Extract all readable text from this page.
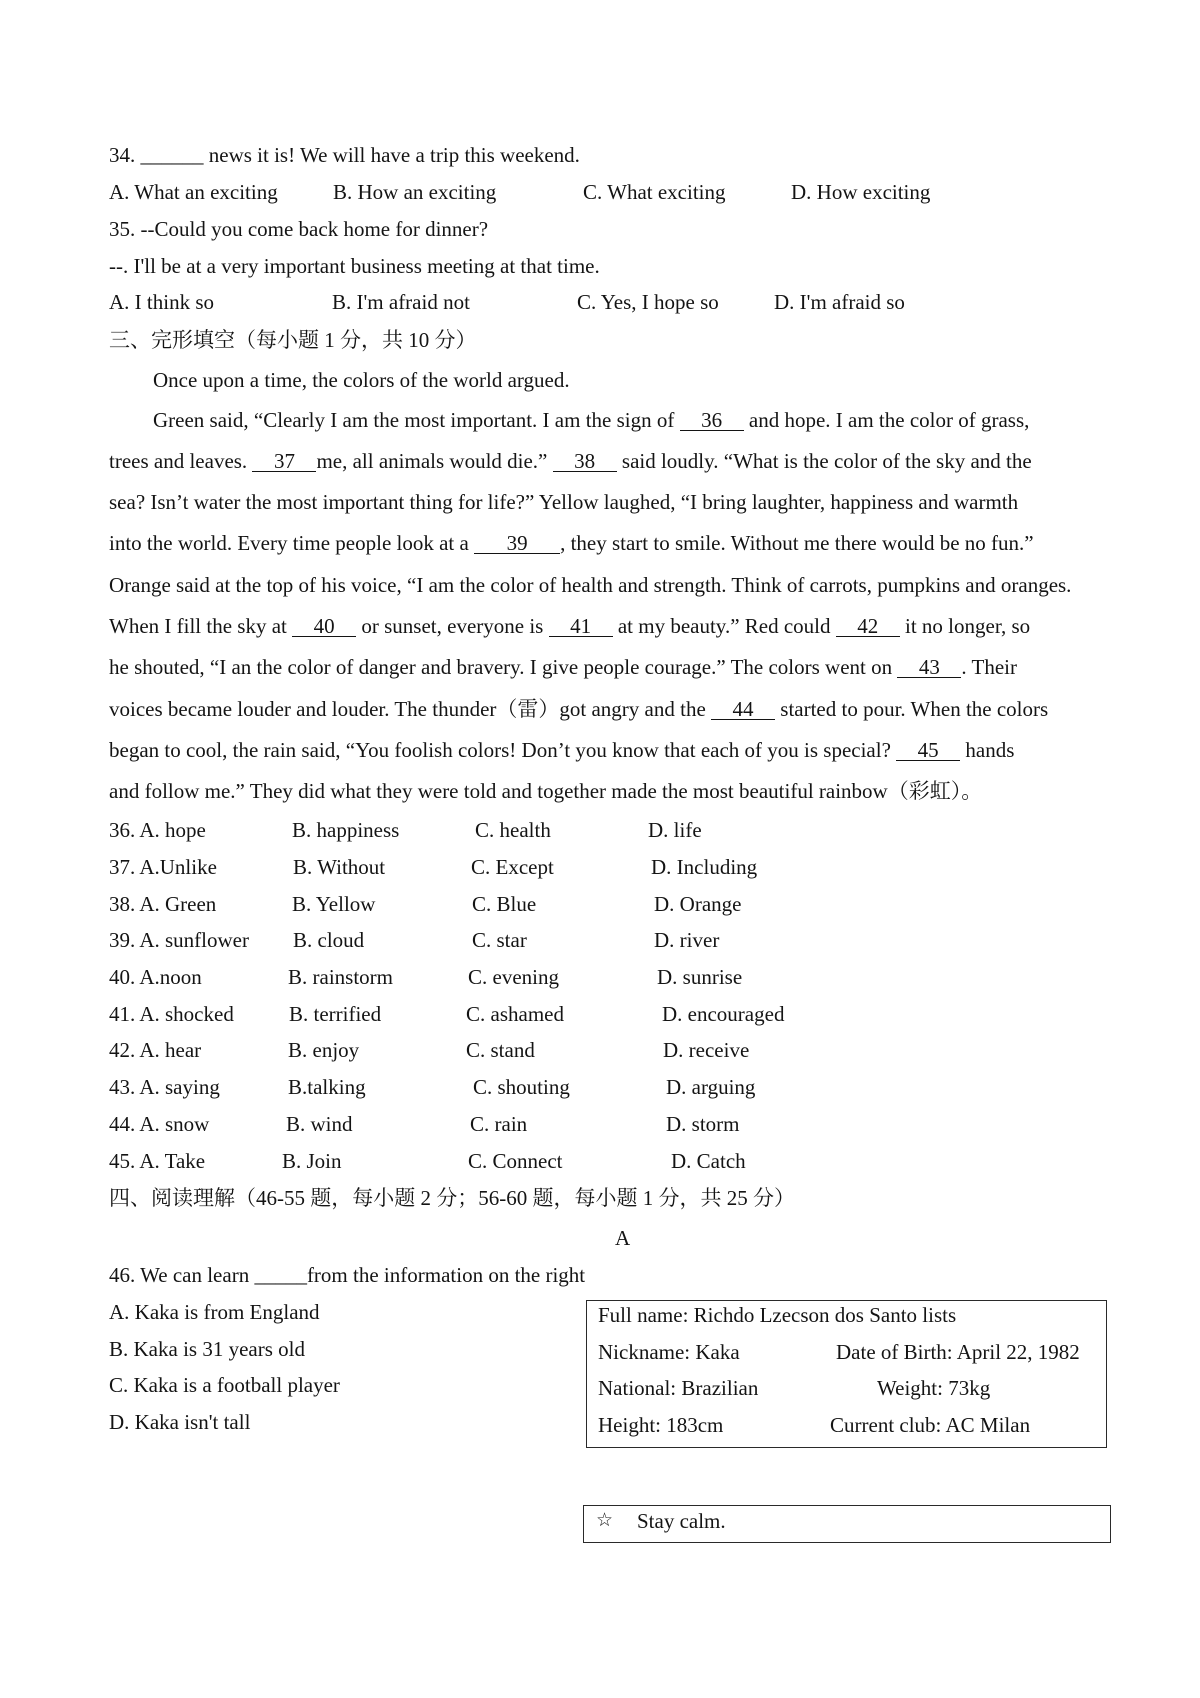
34. ______ news it is! We will have a trip this weekend.
A. What an exciting	B. How an exciting	C. What exciting	D. How exciting
35. --Could you come back home for dinner?
--. I'll be at a very important business meeting at that time.
A. I think so	B. I'm afraid not	C. Yes, I hope so	D. I'm afraid so
三、完形填空（每小题 1 分，共 10 分）
Once upon a time, the colors of the world argued.
Green said, “Clearly I am the most important. I am the sign of 36 and hope. I am the color of grass,
trees and leaves. 37 me, all animals would die.” 38 said loudly. “What is the color of the sky and the
sea? Isn’t water the most important thing for life?” Yellow laughed, “I bring laughter, happiness and warmth
into the world. Every time people look at a 39 , they start to smile. Without me there would be no fun.”
Orange said at the top of his voice, “I am the color of health and strength. Think of carrots, pumpkins and oranges.
When I fill the sky at 40 or sunset, everyone is 41 at my beauty.” Red could 42 it no longer, so
he shouted, “I an the color of danger and bravery. I give people courage.” The colors went on 43 . Their
voices became louder and louder. The thunder（雷）got angry and the 44 started to pour. When the colors
began to cool, the rain said, “You foolish colors! Don’t you know that each of you is special? 45 hands
and follow me.” They did what they were told and together made the most beautiful rainbow（彩虹）。
36. A. hope	B. happiness	C. health	D. life
37. A.Unlike	B. Without	C. Except	D. Including
38. A. Green	B. Yellow	C. Blue	D. Orange
39. A. sunflower B. cloud	C. star	D. river
40. A.noon	B. rainstorm	C. evening	D. sunrise
41. A. shocked	B. terrified	C. ashamed	D. encouraged
42. A. hear	B. enjoy	C. stand	D. receive
43. A. saying	B.talking	C. shouting	D. arguing
44. A. snow	B. wind	C. rain	D. storm
45. A. Take	B. Join	C. Connect	D. Catch
四、阅读理解（46-55 题，每小题 2 分；56-60 题，每小题 1 分，共 25 分）
A
46. We can learn _____from the information on the right
A. Kaka is from England
B. Kaka is 31 years old
C. Kaka is a football player
D. Kaka isn't tall
Full name: Richdo Lzecson dos Santo lists
Nickname: Kaka	Date of Birth: April 22, 1982
National: Brazilian	Weight: 73kg
Height: 183cm	Current club: AC Milan
☆ Stay calm.
